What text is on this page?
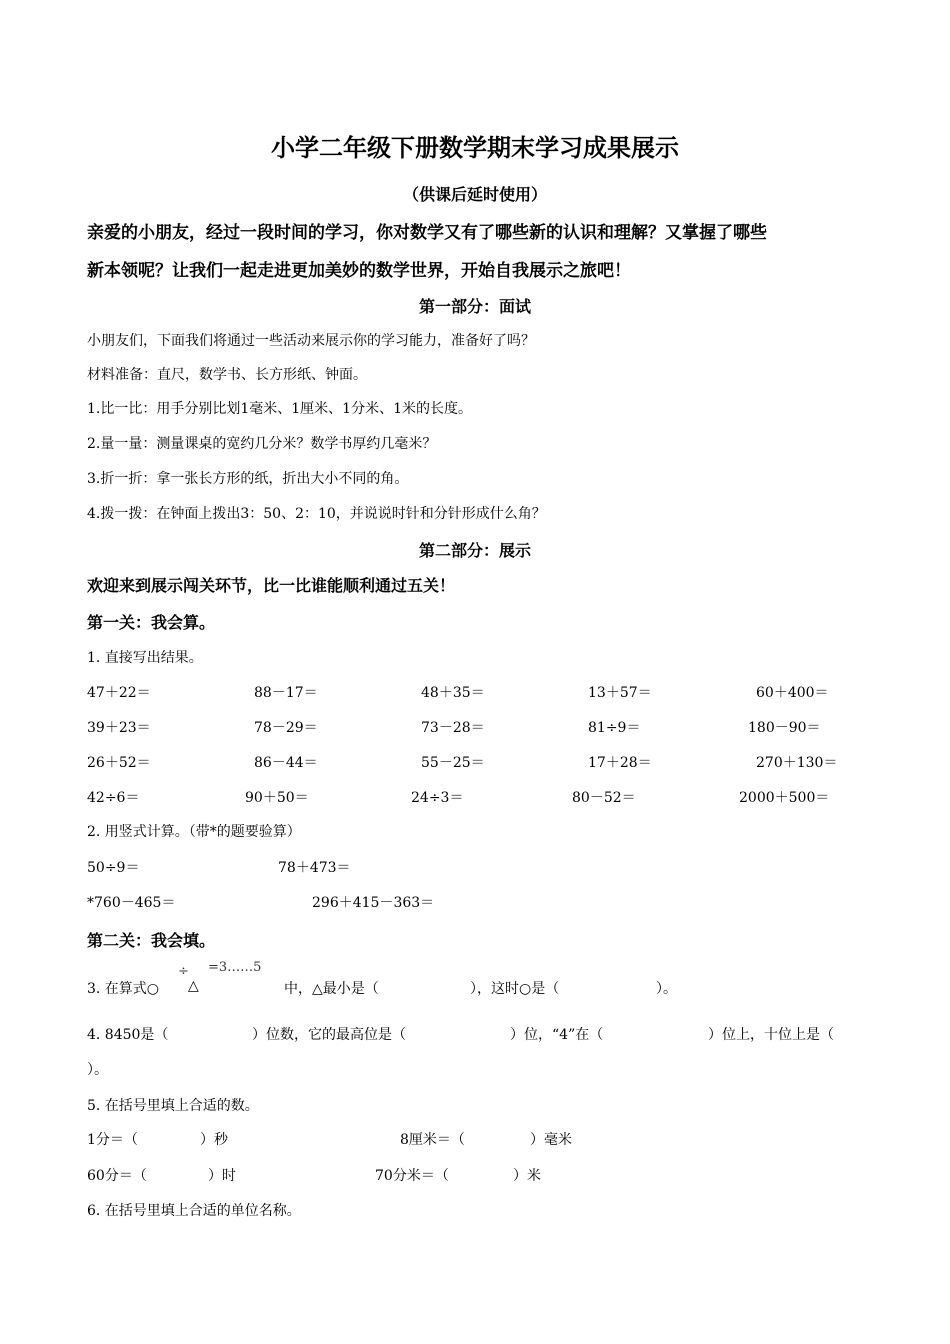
小学二年级下册数学期末学习成果展示
（供课后延时使用）
亲爱的小朋友，经过一段时间的学习，你对数学又有了哪些新的认识和理解？又掌握了哪些
新本领呢？让我们一起走进更加美妙的数学世界，开始自我展示之旅吧！
第一部分：面试
小朋友们，下面我们将通过一些活动来展示你的学习能力，准备好了吗？
材料准备：直尺，数学书、长方形纸、钟面。
1.比一比：用手分别比划1毫米、1厘米、1分米、1米的长度。
2.量一量：测量课桌的宽约几分米？数学书厚约几毫米？
3.折一折：拿一张长方形的纸，折出大小不同的角。
4.拨一拨：在钟面上拨出3：50、2：10，并说说时针和分针形成什么角？
第二部分：展示
欢迎来到展示闯关环节，比一比谁能顺利通过五关！
第一关：我会算。
1. 直接写出结果。
47＋22＝	88－17＝	48＋35＝	13＋57＝	60＋400＝
39＋23＝	78－29＝	73－28＝	81÷9＝	180－90＝
26＋52＝	86－44＝	55－25＝	17＋28＝	270＋130＝
42÷6＝	90＋50＝	24÷3＝	80－52＝	2000＋500＝
2. 用竖式计算。（带*的题要验算）
50÷9＝	78＋473＝
*760－465＝	296＋415－363＝
第二关：我会填。
3. 在算式○
÷
△
=3……5
中，△最小是（	），这时○是（	）。
4. 8450是（	）位数，它的最高位是（	）位，“4”在（	）位上，十位上是（
）。
5. 在括号里填上合适的数。
1分＝（	）秒	8厘米＝（	）毫米
60分＝（	）时	70分米＝（	）米
6. 在括号里填上合适的单位名称。
